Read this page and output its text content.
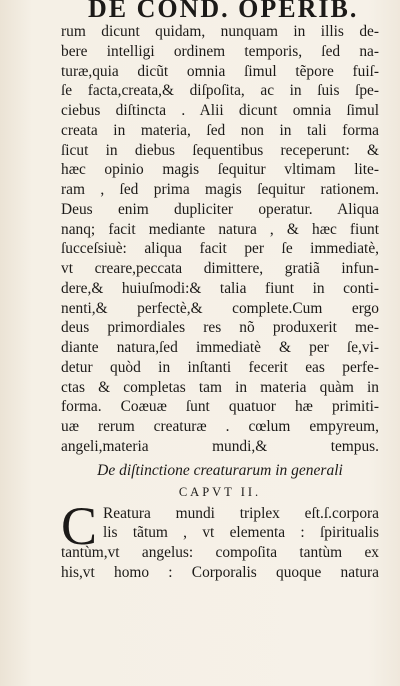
DE COND. OPERIB.
rum dicunt quidam, nunquam in illis de-
bere intelligi ordinem temporis, ſed na-
turæ,quia dicũt omnia ſimul tẽpore fuiſ-
ſe facta,creata,& diſpoſita, ac in ſuis ſpe-
ciebus diſtincta . Alii dicunt omnia ſimul
creata in materia, ſed non in tali forma
ſicut in diebus ſequentibus receperunt: &
hæc opinio magis ſequitur vltimam lite-
ram , ſed prima magis ſequitur rationem.
Deus enim dupliciter operatur. Aliqua
nanq; facit mediante natura , & hæc fiunt
ſucceſsiuè: aliqua facit per ſe immediatè,
vt creare,peccata dimittere, gratiã infun-
dere,& huiuſmodi:& talia fiunt in conti-
nenti,& perfectè,& complete.Cum ergo
deus primordiales res nõ produxerit me-
diante natura,ſed immediatè & per ſe,vi-
detur quòd in inſtanti fecerit eas perfe-
ctas & completas tam in materia quàm in
forma. Coæuæ ſunt quatuor hæ primiti-
uæ rerum creaturæ . cœlum empyreum,
angeli,materia mundi,& tempus.
De diſtinctione creaturarum in generali
CAPVT II.
C Reatura mundi triplex eſt.ſ.corpora
lis tãtum , vt elementa : ſpiritualis
tantùm,vt angelus: compoſita tantùm ex
his,vt homo : Corporalis quoque natura
